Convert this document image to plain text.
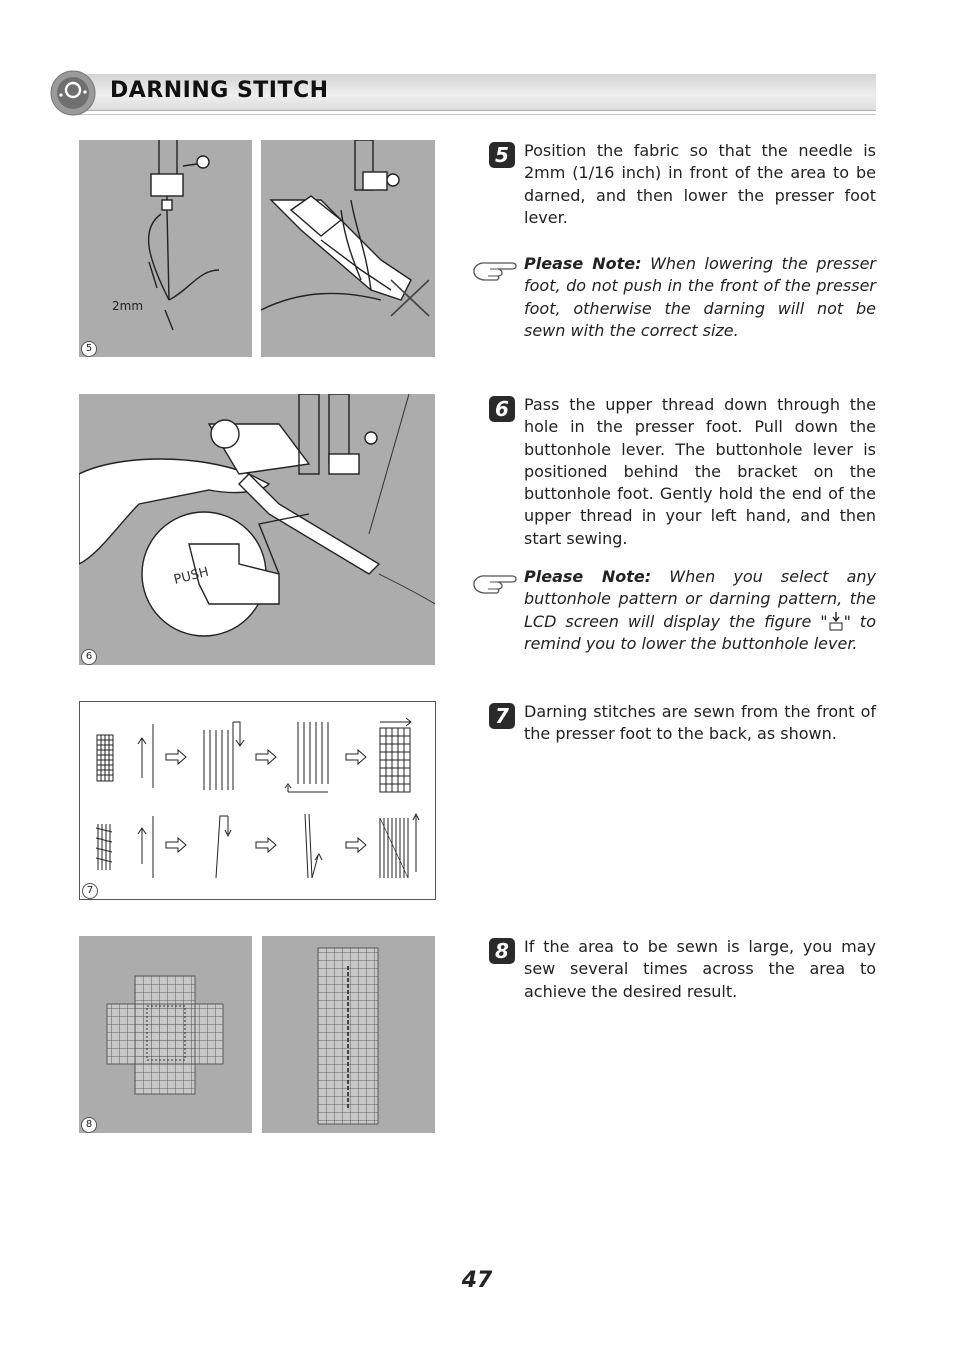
DARNING STITCH
2mm
5
5 Position the fabric so that the needle is 2mm (1/16 inch) in front of the area to be darned, and then lower the presser foot lever.
Please Note: When lowering the presser foot, do not push in the front of the presser foot, otherwise the darning will not be sewn with the correct size.
PUSH
6
6 Pass the upper thread down through the hole in the presser foot. Pull down the buttonhole lever. The buttonhole lever is positioned behind the bracket on the buttonhole foot. Gently hold the end of the upper thread in your left hand, and then start sewing.
Please Note: When you select any buttonhole pattern or darning pattern, the LCD screen will display the figure " " to remind you to lower the buttonhole lever.
7
7 Darning stitches are sewn from the front of the presser foot to the back, as shown.
8
8 If the area to be sewn is large, you may sew several times across the area to achieve the desired result.
47
